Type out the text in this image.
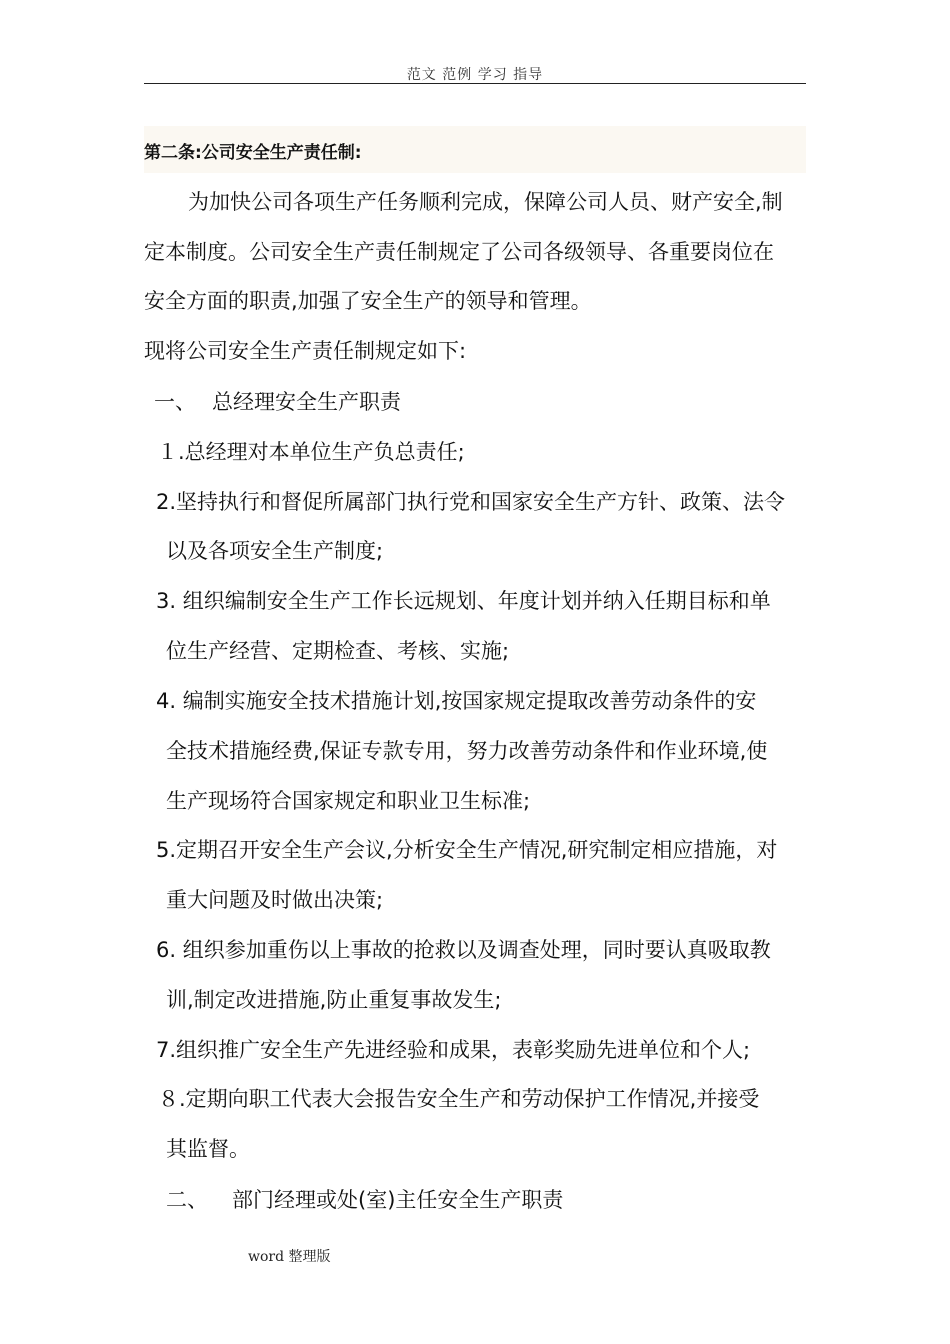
范文 范例 学习 指导
第二条:公司安全生产责任制:
为加快公司各项生产任务顺利完成，保障公司人员、财产安全,制
定本制度。公司安全生产责任制规定了公司各级领导、各重要岗位在
安全方面的职责,加强了安全生产的领导和管理。
现将公司安全生产责任制规定如下:
一、 总经理安全生产职责
１.总经理对本单位生产负总责任;
2.坚持执行和督促所属部门执行党和国家安全生产方针、政策、法令
以及各项安全生产制度;
3. 组织编制安全生产工作长远规划、年度计划并纳入任期目标和单
位生产经营、定期检查、考核、实施;
4. 编制实施安全技术措施计划,按国家规定提取改善劳动条件的安
全技术措施经费,保证专款专用，努力改善劳动条件和作业环境,使
生产现场符合国家规定和职业卫生标准;
5.定期召开安全生产会议,分析安全生产情况,研究制定相应措施，对
重大问题及时做出决策;
6. 组织参加重伤以上事故的抢救以及调查处理，同时要认真吸取教
训,制定改进措施,防止重复事故发生;
7.组织推广安全生产先进经验和成果，表彰奖励先进单位和个人;
８.定期向职工代表大会报告安全生产和劳动保护工作情况,并接受
其监督。
二、 部门经理或处(室)主任安全生产职责
word 整理版
